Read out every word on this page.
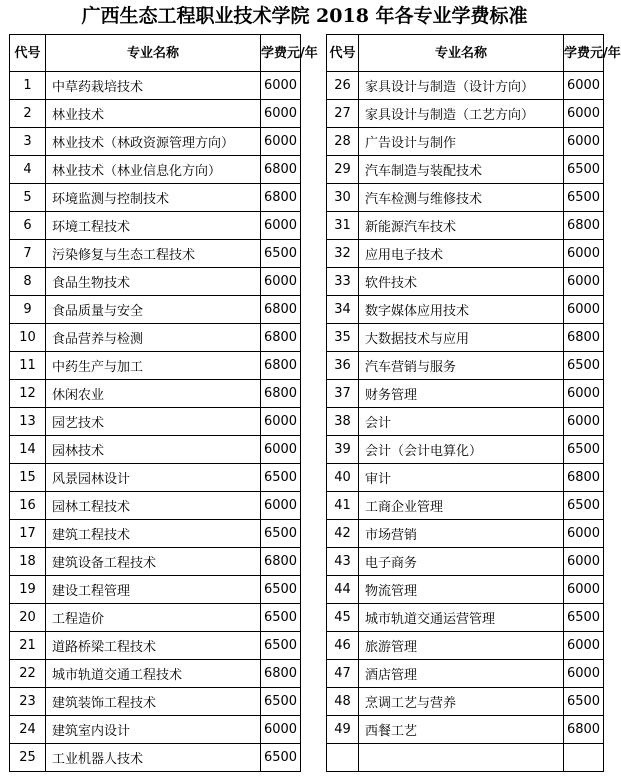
广西生态工程职业技术学院 2018 年各专业学费标准
代号	专业名称	学费元/年
1	中草药栽培技术	6000
2	林业技术	6000
3	林业技术（林政资源管理方向）	6000
4	林业技术（林业信息化方向）	6800
5	环境监测与控制技术	6800
6	环境工程技术	6000
7	污染修复与生态工程技术	6500
8	食品生物技术	6000
9	食品质量与安全	6800
10	食品营养与检测	6800
11	中药生产与加工	6800
12	休闲农业	6800
13	园艺技术	6000
14	园林技术	6000
15	风景园林设计	6500
16	园林工程技术	6000
17	建筑工程技术	6500
18	建筑设备工程技术	6800
19	建设工程管理	6500
20	工程造价	6500
21	道路桥梁工程技术	6500
22	城市轨道交通工程技术	6800
23	建筑装饰工程技术	6500
24	建筑室内设计	6000
25	工业机器人技术	6500
代号	专业名称	学费元/年
26	家具设计与制造（设计方向）	6000
27	家具设计与制造（工艺方向）	6000
28	广告设计与制作	6000
29	汽车制造与装配技术	6500
30	汽车检测与维修技术	6500
31	新能源汽车技术	6800
32	应用电子技术	6000
33	软件技术	6000
34	数字媒体应用技术	6000
35	大数据技术与应用	6800
36	汽车营销与服务	6500
37	财务管理	6000
38	会计	6000
39	会计（会计电算化）	6500
40	审计	6800
41	工商企业管理	6500
42	市场营销	6000
43	电子商务	6000
44	物流管理	6000
45	城市轨道交通运营管理	6500
46	旅游管理	6000
47	酒店管理	6000
48	烹调工艺与营养	6500
49	西餐工艺	6800
